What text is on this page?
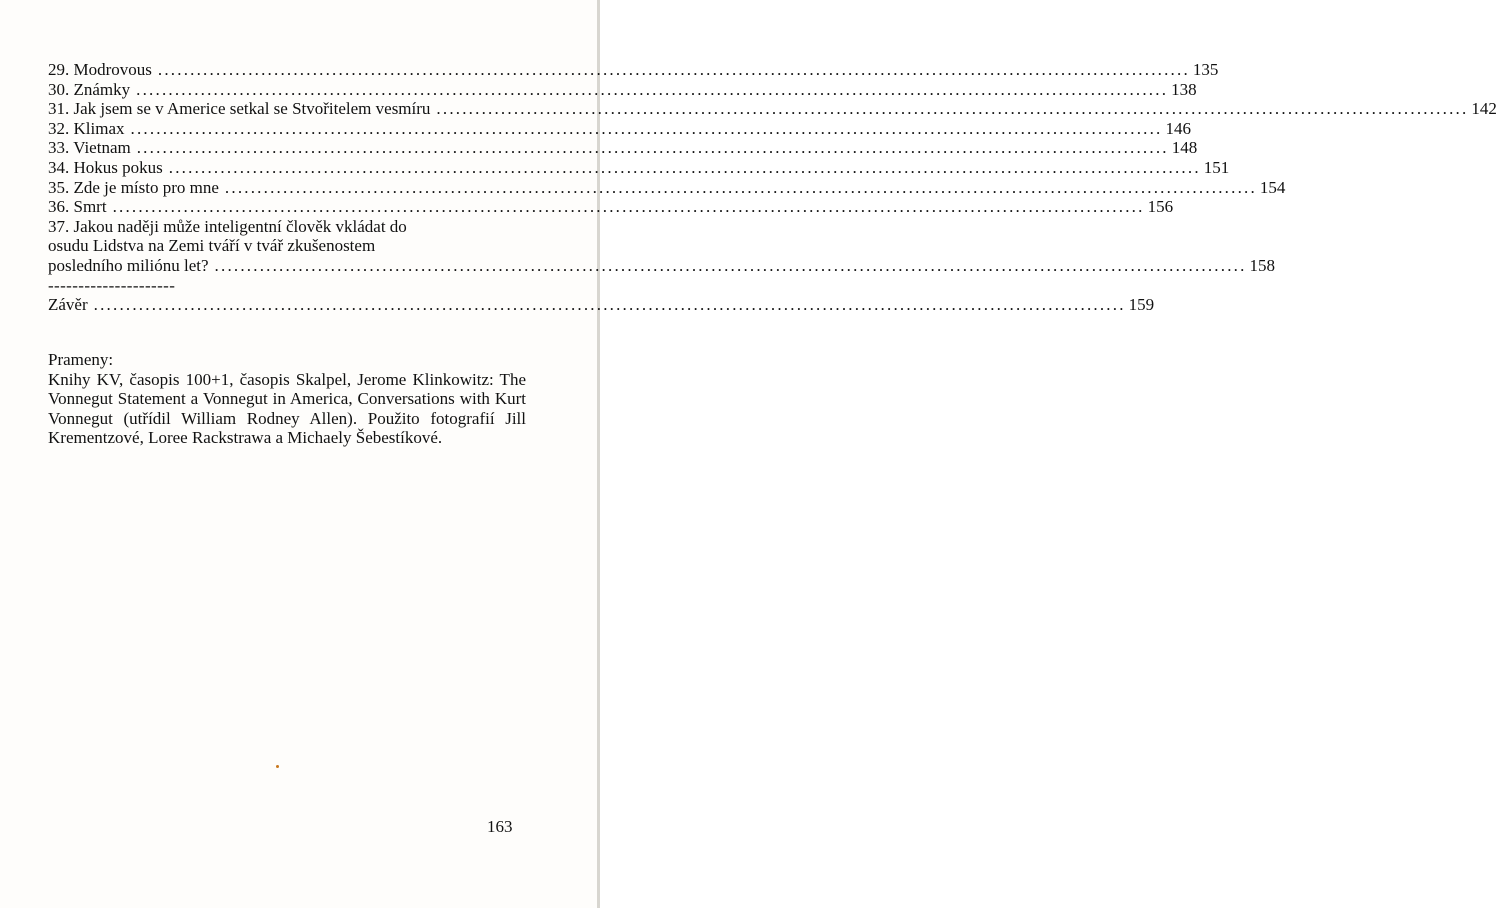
29. Modrovous ................................................................................................................................................................ 135
30. Známky ................................................................................................................................................................ 138
31. Jak jsem se v Americe setkal se Stvořitelem vesmíru ................................................................................................................................................................ 142
32. Klimax ................................................................................................................................................................ 146
33. Vietnam ................................................................................................................................................................ 148
34. Hokus pokus ................................................................................................................................................................ 151
35. Zde je místo pro mne ................................................................................................................................................................ 154
36. Smrt ................................................................................................................................................................ 156
37. Jakou naději může inteligentní člověk vkládat do
osudu Lidstva na Zemi tváří v tvář zkušenostem
posledního miliónu let? ................................................................................................................................................................ 158
---------------------
Závěr ................................................................................................................................................................ 159
Prameny:
Knihy KV, časopis 100+1, časopis Skalpel, Jerome Klinkowitz: The Vonnegut Statement a Vonnegut in America, Conversations with Kurt Vonnegut (utřídil William Rodney Allen). Použito fotografií Jill Krementzové, Loree Rackstrawa a Michaely Šebestíkové.
163
